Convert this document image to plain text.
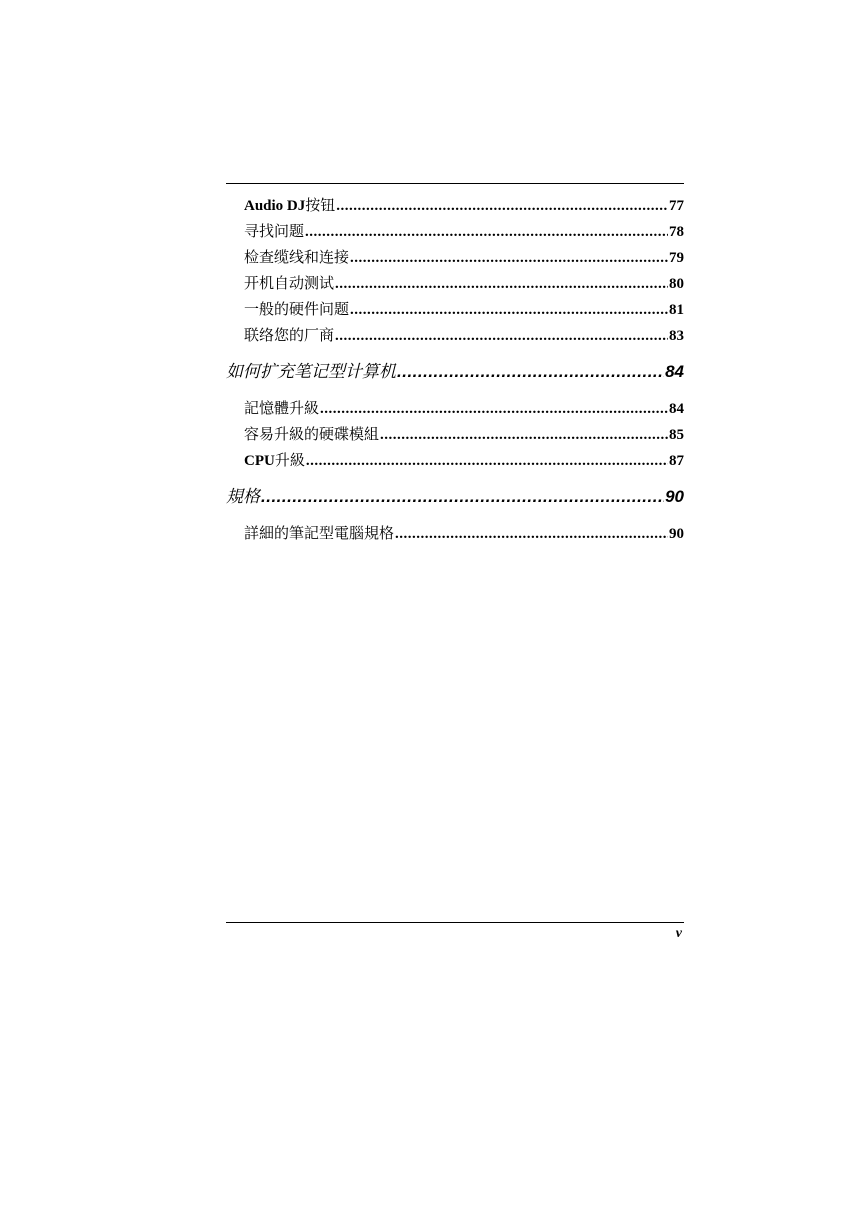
Audio DJ 按钮 .....	77
寻找问题 .....	78
检查缆线和连接 .....	79
开机自动测试 .....	80
一般的硬件问题 .....	81
联络您的厂商 .....	83
如何扩充笔记型计算机 .....	84
記憶體升級 .....	84
容易升級的硬碟模組 .....	85
CPU 升級 .....	87
規格 .....	90
詳細的筆記型電腦規格 .....	90
v
